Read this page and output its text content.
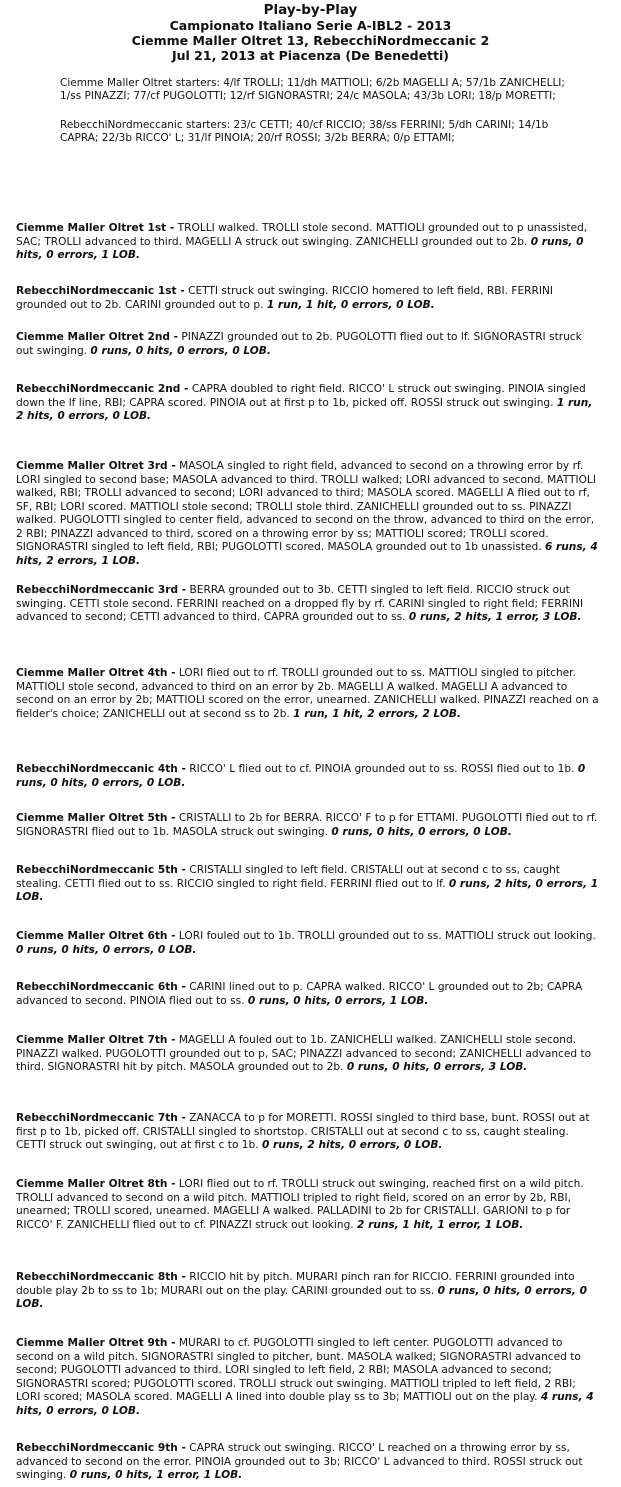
Play-by-Play
Campionato Italiano Serie A-IBL2 - 2013
Ciemme Maller Oltret 13, RebecchiNordmeccanic 2
Jul 21, 2013 at Piacenza (De Benedetti)
Ciemme Maller Oltret starters: 4/lf TROLLI; 11/dh MATTIOLI; 6/2b MAGELLI A; 57/1b ZANICHELLI; 1/ss PINAZZI; 77/cf PUGOLOTTI; 12/rf SIGNORASTRI; 24/c MASOLA; 43/3b LORI; 18/p MORETTI;
RebecchiNordmeccanic starters: 23/c CETTI; 40/cf RICCIO; 38/ss FERRINI; 5/dh CARINI; 14/1b CAPRA; 22/3b RICCO' L; 31/lf PINOIA; 20/rf ROSSI; 3/2b BERRA; 0/p ETTAMI;
Ciemme Maller Oltret 1st - TROLLI walked. TROLLI stole second. MATTIOLI grounded out to p unassisted, SAC; TROLLI advanced to third. MAGELLI A struck out swinging. ZANICHELLI grounded out to 2b. 0 runs, 0 hits, 0 errors, 1 LOB.
RebecchiNordmeccanic 1st - CETTI struck out swinging. RICCIO homered to left field, RBI. FERRINI grounded out to 2b. CARINI grounded out to p. 1 run, 1 hit, 0 errors, 0 LOB.
Ciemme Maller Oltret 2nd - PINAZZI grounded out to 2b. PUGOLOTTI flied out to lf. SIGNORASTRI struck out swinging. 0 runs, 0 hits, 0 errors, 0 LOB.
RebecchiNordmeccanic 2nd - CAPRA doubled to right field. RICCO' L struck out swinging. PINOIA singled down the lf line, RBI; CAPRA scored. PINOIA out at first p to 1b, picked off. ROSSI struck out swinging. 1 run, 2 hits, 0 errors, 0 LOB.
Ciemme Maller Oltret 3rd - MASOLA singled to right field, advanced to second on a throwing error by rf. LORI singled to second base; MASOLA advanced to third. TROLLI walked; LORI advanced to second. MATTIOLI walked, RBI; TROLLI advanced to second; LORI advanced to third; MASOLA scored. MAGELLI A flied out to rf, SF, RBI; LORI scored. MATTIOLI stole second; TROLLI stole third. ZANICHELLI grounded out to ss. PINAZZI walked. PUGOLOTTI singled to center field, advanced to second on the throw, advanced to third on the error, 2 RBI; PINAZZI advanced to third, scored on a throwing error by ss; MATTIOLI scored; TROLLI scored. SIGNORASTRI singled to left field, RBI; PUGOLOTTI scored. MASOLA grounded out to 1b unassisted. 6 runs, 4 hits, 2 errors, 1 LOB.
RebecchiNordmeccanic 3rd - BERRA grounded out to 3b. CETTI singled to left field. RICCIO struck out swinging. CETTI stole second. FERRINI reached on a dropped fly by rf. CARINI singled to right field; FERRINI advanced to second; CETTI advanced to third. CAPRA grounded out to ss. 0 runs, 2 hits, 1 error, 3 LOB.
Ciemme Maller Oltret 4th - LORI flied out to rf. TROLLI grounded out to ss. MATTIOLI singled to pitcher. MATTIOLI stole second, advanced to third on an error by 2b. MAGELLI A walked. MAGELLI A advanced to second on an error by 2b; MATTIOLI scored on the error, unearned. ZANICHELLI walked. PINAZZI reached on a fielder's choice; ZANICHELLI out at second ss to 2b. 1 run, 1 hit, 2 errors, 2 LOB.
RebecchiNordmeccanic 4th - RICCO' L flied out to cf. PINOIA grounded out to ss. ROSSI flied out to 1b. 0 runs, 0 hits, 0 errors, 0 LOB.
Ciemme Maller Oltret 5th - CRISTALLI to 2b for BERRA. RICCO' F to p for ETTAMI. PUGOLOTTI flied out to rf. SIGNORASTRI flied out to 1b. MASOLA struck out swinging. 0 runs, 0 hits, 0 errors, 0 LOB.
RebecchiNordmeccanic 5th - CRISTALLI singled to left field. CRISTALLI out at second c to ss, caught stealing. CETTI flied out to ss. RICCIO singled to right field. FERRINI flied out to lf. 0 runs, 2 hits, 0 errors, 1 LOB.
Ciemme Maller Oltret 6th - LORI fouled out to 1b. TROLLI grounded out to ss. MATTIOLI struck out looking. 0 runs, 0 hits, 0 errors, 0 LOB.
RebecchiNordmeccanic 6th - CARINI lined out to p. CAPRA walked. RICCO' L grounded out to 2b; CAPRA advanced to second. PINOIA flied out to ss. 0 runs, 0 hits, 0 errors, 1 LOB.
Ciemme Maller Oltret 7th - MAGELLI A fouled out to 1b. ZANICHELLI walked. ZANICHELLI stole second. PINAZZI walked. PUGOLOTTI grounded out to p, SAC; PINAZZI advanced to second; ZANICHELLI advanced to third. SIGNORASTRI hit by pitch. MASOLA grounded out to 2b. 0 runs, 0 hits, 0 errors, 3 LOB.
RebecchiNordmeccanic 7th - ZANACCA to p for MORETTI. ROSSI singled to third base, bunt. ROSSI out at first p to 1b, picked off. CRISTALLI singled to shortstop. CRISTALLI out at second c to ss, caught stealing. CETTI struck out swinging, out at first c to 1b. 0 runs, 2 hits, 0 errors, 0 LOB.
Ciemme Maller Oltret 8th - LORI flied out to rf. TROLLI struck out swinging, reached first on a wild pitch. TROLLI advanced to second on a wild pitch. MATTIOLI tripled to right field, scored on an error by 2b, RBI, unearned; TROLLI scored, unearned. MAGELLI A walked. PALLADINI to 2b for CRISTALLI. GARIONI to p for RICCO' F. ZANICHELLI flied out to cf. PINAZZI struck out looking. 2 runs, 1 hit, 1 error, 1 LOB.
RebecchiNordmeccanic 8th - RICCIO hit by pitch. MURARI pinch ran for RICCIO. FERRINI grounded into double play 2b to ss to 1b; MURARI out on the play. CARINI grounded out to ss. 0 runs, 0 hits, 0 errors, 0 LOB.
Ciemme Maller Oltret 9th - MURARI to cf. PUGOLOTTI singled to left center. PUGOLOTTI advanced to second on a wild pitch. SIGNORASTRI singled to pitcher, bunt. MASOLA walked; SIGNORASTRI advanced to second; PUGOLOTTI advanced to third. LORI singled to left field, 2 RBI; MASOLA advanced to second; SIGNORASTRI scored; PUGOLOTTI scored. TROLLI struck out swinging. MATTIOLI tripled to left field, 2 RBI; LORI scored; MASOLA scored. MAGELLI A lined into double play ss to 3b; MATTIOLI out on the play. 4 runs, 4 hits, 0 errors, 0 LOB.
RebecchiNordmeccanic 9th - CAPRA struck out swinging. RICCO' L reached on a throwing error by ss, advanced to second on the error. PINOIA grounded out to 3b; RICCO' L advanced to third. ROSSI struck out swinging. 0 runs, 0 hits, 1 error, 1 LOB.
